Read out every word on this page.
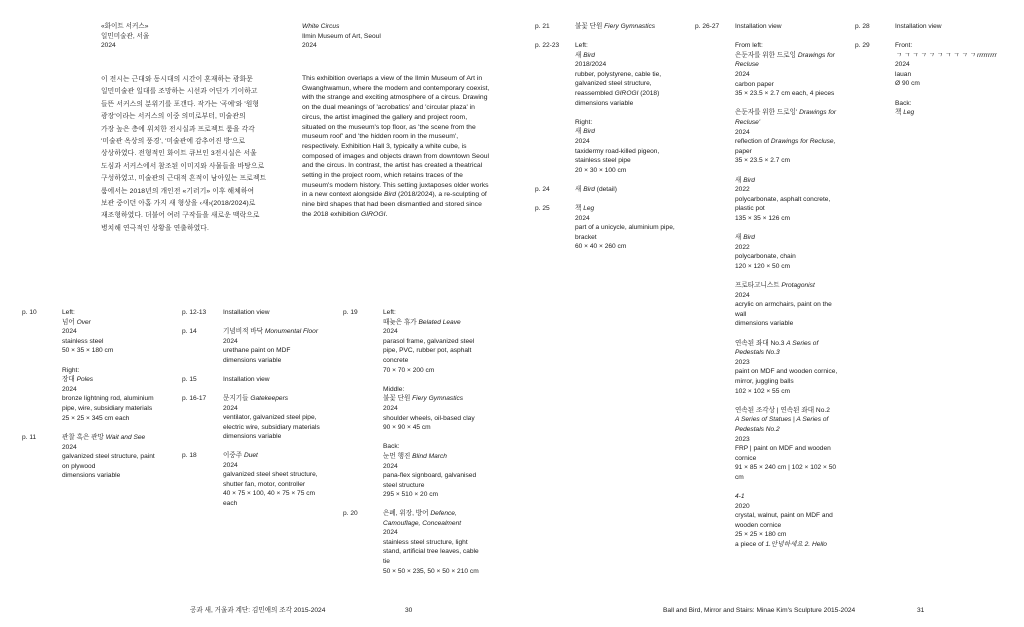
«화이트 서커스»
일민미술관, 서울
2024
이 전시는 근대와 동시대의 시간이 혼재하는 광화문
일민미술관 일대를 조망하는 시선과 어딘가 기이하고
들뜬 서커스의 분위기를 포갠다. 작가는 '곡예'와 '원형
광장'이라는 서커스의 이중 의미로부터, 미술관의
가장 높은 층에 위치한 전시실과 프로젝트 룸을 각각
'미술관 옥상의 풍경', '미술관에 감추어진 방'으로
상상하였다. 전형적인 화이트 큐브인 3전시실은 서울
도심과 서커스에서 참조된 이미지와 사물들을 바탕으로
구성하였고, 미술관의 근대적 흔적이 남아있는 프로젝트
룸에서는 2018년의 개인전 «기러기» 이후 해체하여
보관 중이던 아홉 가지 새 형상을 ‹새›(2018/2024)로
재조형하였다. 더불어 여러 구작들을 새로운 맥락으로
병치해 연극적인 상황을 연출하였다.
White Circus
Ilmin Museum of Art, Seoul
2024
This exhibition overlaps a view of the Ilmin Museum of Art in Gwanghwamun, where the modern and contemporary coexist, with the strange and exciting atmosphere of a circus. Drawing on the dual meanings of 'acrobatics' and 'circular plaza' in circus, the artist imagined the gallery and project room, situated on the museum's top floor, as 'the scene from the museum roof' and 'the hidden room in the museum', respectively. Exhibition Hall 3, typically a white cube, is composed of images and objects drawn from downtown Seoul and the circus. In contrast, the artist has created a theatrical setting in the project room, which retains traces of the museum's modern history. This setting juxtaposes older works in a new context alongside Bird (2018/2024), a re-sculpting of nine bird shapes that had been dismantled and stored since the 2018 exhibition GIROGI.
p. 10	Left:
넘어 Over
2024
stainless steel
50 × 35 × 180 cm
Right:
장대 Poles
2024
bronze lightning rod, aluminium
pipe, wire, subsidiary materials
25 × 25 × 345 cm each
p. 11	관찰 혹은 관망 Wait and See
2024
galvanized steel structure, paint
on plywood
dimensions variable
p. 12-13	Installation view
p. 14	기념비적 바닥 Monumental Floor
2024
urethane paint on MDF
dimensions variable
p. 15	Installation view
p. 16-17	문지기들 Gatekeepers
2024
ventilator, galvanized steel pipe,
electric wire, subsidiary materials
dimensions variable
p. 18	이중주 Duet
2024
galvanized steel sheet structure,
shutter fan, motor, controller
40 × 75 × 100, 40 × 75 × 75 cm
each
p. 19	Left:
때늦은 휴가 Belated Leave
2024
parasol frame, galvanized steel
pipe, PVC, rubber pot, asphalt
concrete
70 × 70 × 200 cm
Middle:
불꽃 단원 Fiery Gymnastics
2024
shoulder wheels, oil-based clay
90 × 90 × 45 cm
Back:
눈먼 행진 Blind March
2024
pana-flex signboard, galvanised
steel structure
295 × 510 × 20 cm
p. 20	은폐, 위장, 방어 Defence,
Camouflage, Concealment
2024
stainless steel structure, light
stand, artificial tree leaves, cable
tie
50 × 50 × 235, 50 × 50 × 210 cm
p. 21	불꽃 단원 Fiery Gymnastics
p. 22-23 Left:
새 Bird
2018/2024
rubber, polystyrene, cable tie,
galvanized steel structure,
reassembled GIROGI (2018)
dimensions variable
Right:
새 Bird
2024
taxidermy road-killed pigeon,
stainless steel pipe
20 × 30 × 100 cm
p. 24	새 Bird (detail)
p. 25	책 Leg
2024
part of a unicycle, aluminium pipe,
bracket
60 × 40 × 260 cm
p. 26-27 Installation view
From left:
은둔자를 위한 드로잉 Drawings for
Recluse
2024
carbon paper
35 × 23.5 × 2.7 cm each, 4 pieces
은둔자를 위한 드로잉' Drawings for
Recluse'
2024
reflection of Drawings for Recluse,
paper
35 × 23.5 × 2.7 cm
새 Bird
2022
polycarbonate, asphalt concrete,
plastic pot
135 × 35 × 126 cm
새 Bird
2022
polycarbonate, chain
120 × 120 × 50 cm
프로타고니스트 Protagonist
2024
acrylic on armchairs, paint on the
wall
dimensions variable
연속된 좌대 No.3 A Series of
Pedestals No.3
2023
paint on MDF and wooden cornice,
mirror, juggling balls
102 × 102 × 55 cm
연속된 조각상 | 연속된 좌대 No.2
A Series of Statues | A Series of
Pedestals No.2
2023
FRP | paint on MDF and wooden
cornice
91 × 85 × 240 cm | 102 × 102 × 50
cm
4-1
2020
crystal, walnut, paint on MDF and
wooden cornice
25 × 25 × 180 cm
a piece of 1.안녕하세요 2. Hello
p. 28	Installation view
p. 29	Front:
ㄱ ㄱ ㄱ ㄱ ㄱ ㄱ ㄱ ㄱ ㄱ ㄱ rrrrrrrrr
2024
lauan
Ø 90 cm
Back:
책 Leg
공과 새, 거울과 계단: 김민애의 조각 2015-2024	30	Ball and Bird, Mirror and Stairs: Minae Kim's Sculpture 2015-2024	31
